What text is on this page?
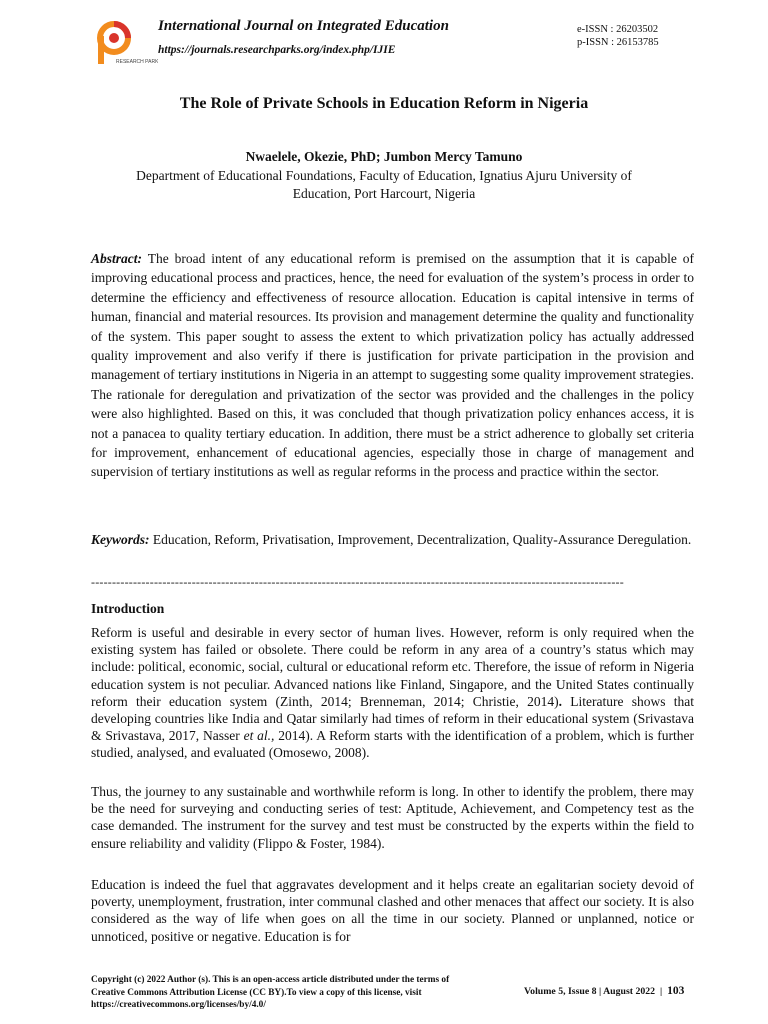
RESEARCH PARKS
International Journal on Integrated Education
https://journals.researchparks.org/index.php/IJIE
e-ISSN : 26203502
p-ISSN : 26153785
The Role of Private Schools in Education Reform in Nigeria
Nwaelele, Okezie, PhD; Jumbon Mercy Tamuno
Department of Educational Foundations, Faculty of Education, Ignatius Ajuru University of Education, Port Harcourt, Nigeria
Abstract: The broad intent of any educational reform is premised on the assumption that it is capable of improving educational process and practices, hence, the need for evaluation of the system’s process in order to determine the efficiency and effectiveness of resource allocation. Education is capital intensive in terms of human, financial and material resources. Its provision and management determine the quality and functionality of the system. This paper sought to assess the extent to which privatization policy has actually addressed quality improvement and also verify if there is justification for private participation in the provision and management of tertiary institutions in Nigeria in an attempt to suggesting some quality improvement strategies. The rationale for deregulation and privatization of the sector was provided and the challenges in the policy were also highlighted. Based on this, it was concluded that though privatization policy enhances access, it is not a panacea to quality tertiary education. In addition, there must be a strict adherence to globally set criteria for improvement, enhancement of educational agencies, especially those in charge of management and supervision of tertiary institutions as well as regular reforms in the process and practice within the sector.
Keywords: Education, Reform, Privatisation, Improvement, Decentralization, Quality-Assurance Deregulation.
-------------------------------------------------------------------------------------------------------------------------------
Introduction
Reform is useful and desirable in every sector of human lives. However, reform is only required when the existing system has failed or obsolete. There could be reform in any area of a country’s status which may include: political, economic, social, cultural or educational reform etc. Therefore, the issue of reform in Nigeria education system is not peculiar. Advanced nations like Finland, Singapore, and the United States continually reform their education system (Zinth, 2014; Brenneman, 2014; Christie, 2014). Literature shows that developing countries like India and Qatar similarly had times of reform in their educational system (Srivastava & Srivastava, 2017, Nasser et al., 2014). A Reform starts with the identification of a problem, which is further studied, analysed, and evaluated (Omosewo, 2008).
Thus, the journey to any sustainable and worthwhile reform is long. In other to identify the problem, there may be the need for surveying and conducting series of test: Aptitude, Achievement, and Competency test as the case demanded. The instrument for the survey and test must be constructed by the experts within the field to ensure reliability and validity (Flippo & Foster, 1984).
Education is indeed the fuel that aggravates development and it helps create an egalitarian society devoid of poverty, unemployment, frustration, inter communal clashed and other menaces that affect our society. It is also considered as the way of life when goes on all the time in our society. Planned or unplanned, notice or unnoticed, positive or negative. Education is for
Copyright (c) 2022 Author (s). This is an open-access article distributed under the terms of Creative Commons Attribution License (CC BY).To view a copy of this license, visit https://creativecommons.org/licenses/by/4.0/
Volume 5, Issue 8 | August 2022 | 103
